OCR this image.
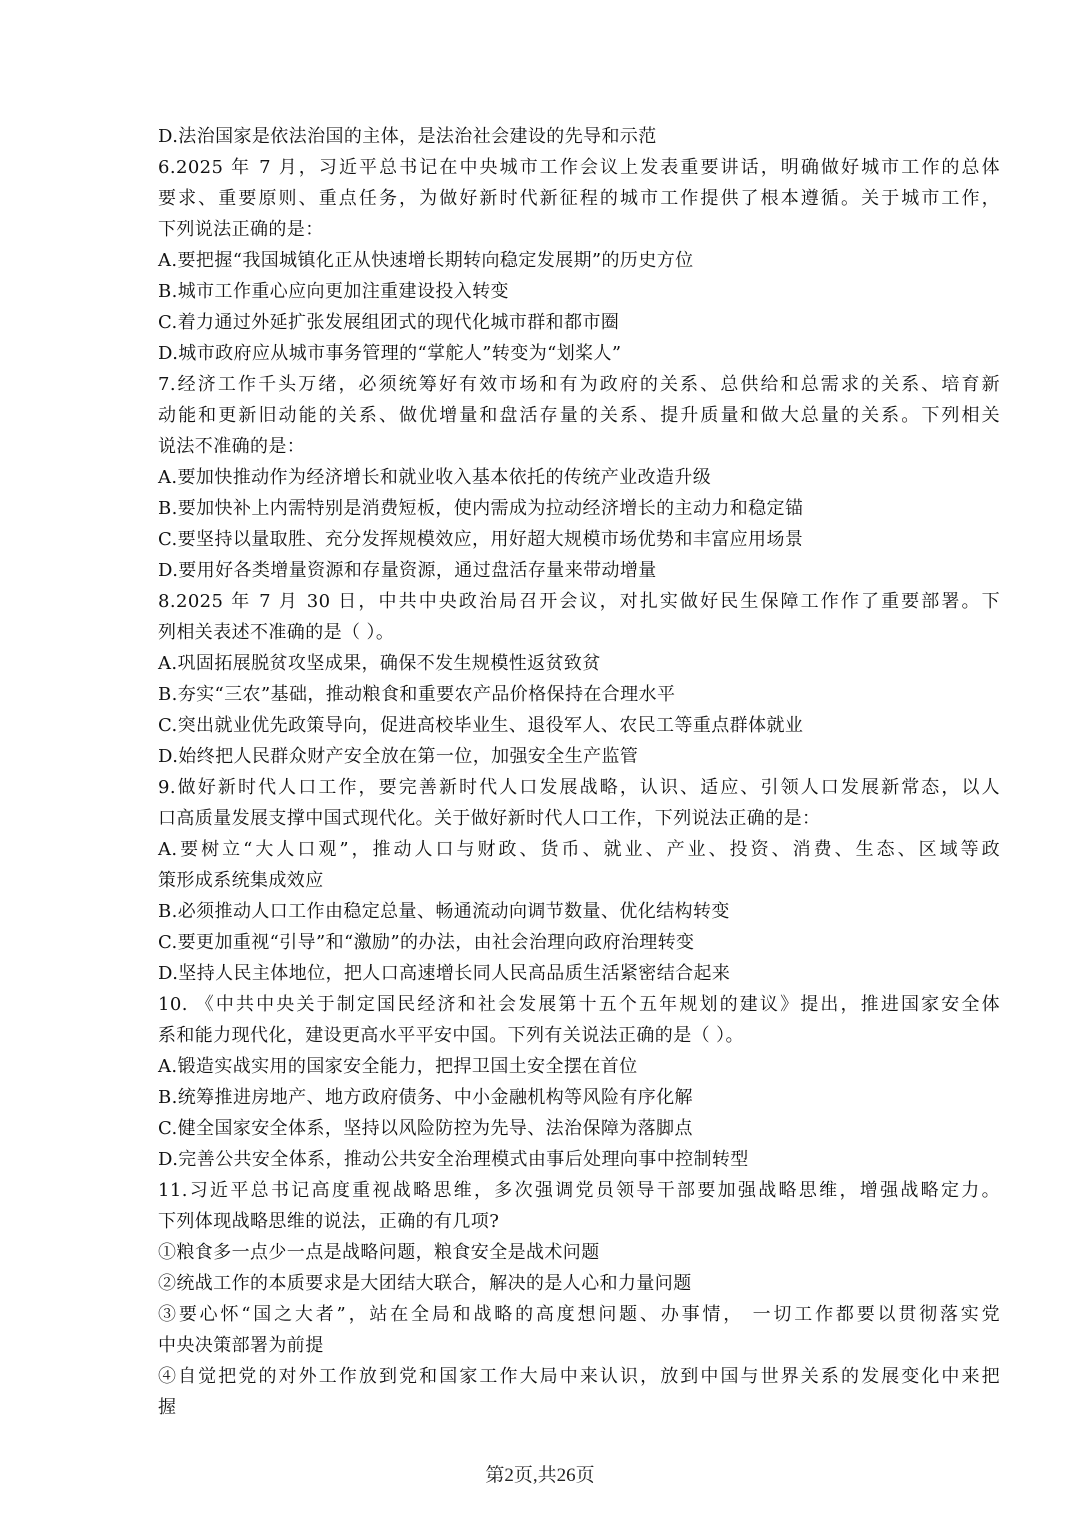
D.法治国家是依法治国的主体，是法治社会建设的先导和示范
6.2025 年 7 月，习近平总书记在中央城市工作会议上发表重要讲话，明确做好城市工作的总体
要求、重要原则、重点任务，为做好新时代新征程的城市工作提供了根本遵循。关于城市工作，
下列说法正确的是：
A.要把握“我国城镇化正从快速增长期转向稳定发展期”的历史方位
B.城市工作重心应向更加注重建设投入转变
C.着力通过外延扩张发展组团式的现代化城市群和都市圈
D.城市政府应从城市事务管理的“掌舵人”转变为“划桨人”
7.经济工作千头万绪，必须统筹好有效市场和有为政府的关系、总供给和总需求的关系、培育新
动能和更新旧动能的关系、做优增量和盘活存量的关系、提升质量和做大总量的关系。下列相关
说法不准确的是：
A.要加快推动作为经济增长和就业收入基本依托的传统产业改造升级
B.要加快补上内需特别是消费短板，使内需成为拉动经济增长的主动力和稳定锚
C.要坚持以量取胜、充分发挥规模效应，用好超大规模市场优势和丰富应用场景
D.要用好各类增量资源和存量资源，通过盘活存量来带动增量
8.2025 年 7 月 30 日，中共中央政治局召开会议，对扎实做好民生保障工作作了重要部署。下
列相关表述不准确的是（ ）。
A.巩固拓展脱贫攻坚成果，确保不发生规模性返贫致贫
B.夯实“三农”基础，推动粮食和重要农产品价格保持在合理水平
C.突出就业优先政策导向，促进高校毕业生、退役军人、农民工等重点群体就业
D.始终把人民群众财产安全放在第一位，加强安全生产监管
9.做好新时代人口工作，要完善新时代人口发展战略，认识、适应、引领人口发展新常态，以人
口高质量发展支撑中国式现代化。关于做好新时代人口工作，下列说法正确的是：
A.要树立“大人口观”，推动人口与财政、货币、就业、产业、投资、消费、生态、区域等政
策形成系统集成效应
B.必须推动人口工作由稳定总量、畅通流动向调节数量、优化结构转变
C.要更加重视“引导”和“激励”的办法，由社会治理向政府治理转变
D.坚持人民主体地位，把人口高速增长同人民高品质生活紧密结合起来
10. 《中共中央关于制定国民经济和社会发展第十五个五年规划的建议》提出，推进国家安全体
系和能力现代化，建设更高水平平安中国。下列有关说法正确的是（ ）。
A.锻造实战实用的国家安全能力，把捍卫国土安全摆在首位
B.统筹推进房地产、地方政府债务、中小金融机构等风险有序化解
C.健全国家安全体系，坚持以风险防控为先导、法治保障为落脚点
D.完善公共安全体系，推动公共安全治理模式由事后处理向事中控制转型
11.习近平总书记高度重视战略思维，多次强调党员领导干部要加强战略思维，增强战略定力。
下列体现战略思维的说法，正确的有几项?
①粮食多一点少一点是战略问题，粮食安全是战术问题
②统战工作的本质要求是大团结大联合，解决的是人心和力量问题
③要心怀“国之大者”，站在全局和战略的高度想问题、办事情， 一切工作都要以贯彻落实党
中央决策部署为前提
④自觉把党的对外工作放到党和国家工作大局中来认识，放到中国与世界关系的发展变化中来把
握
第2页,共26页
